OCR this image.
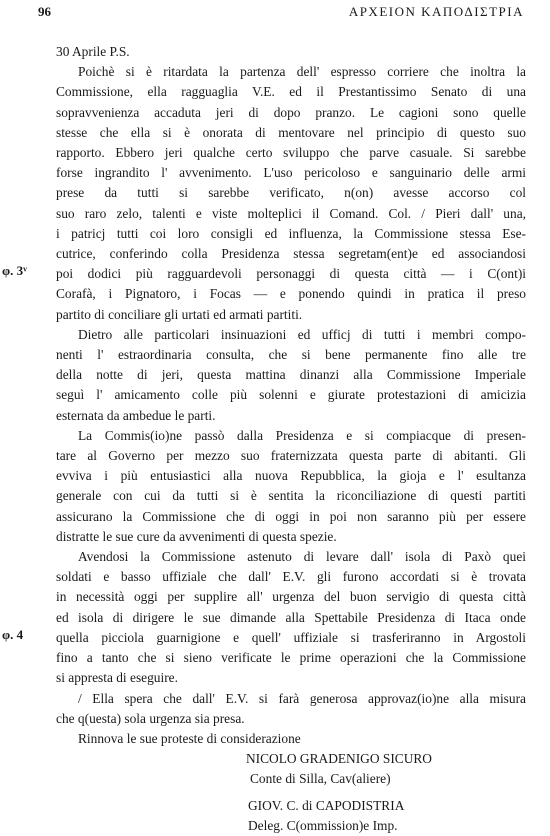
96	ΑΡΧΕΙΟΝ ΚΑΠΟΔΙΣΤΡΙΑ
φ. 3ᵛ
φ. 4

30 Aprile P.S.

Poichè si è ritardata la partenza dell' espresso corriere che inoltra la
Commissione, ella ragguaglia V.E. ed il Prestantissimo Senato di una
sopravvenienza accaduta jeri di dopo pranzo. Le cagioni sono quelle
stesse che ella si è onorata di mentovare nel principio di questo suo
rapporto. Ebbero jeri qualche certo sviluppo che parve casuale. Si sarebbe
forse ingrandito l' avvenimento. L'uso pericoloso e sanguinario delle armi
prese da tutti si sarebbe verificato, n(on) avesse accorso col
suo raro zelo, talenti e viste molteplici il Comand. Col. / Pieri dall' una,
i patricj tutti coi loro consigli ed influenza, la Commissione stessa Ese-
cutrice, conferindo colla Presidenza stessa segretam(ent)e ed associandosi
poi dodici più ragguardevoli personaggi di questa città — i C(ont)i
Corafà, i Pignatoro, i Focas — e ponendo quindi in pratica il preso
partito di conciliare gli urtati ed armati partiti.

Dietro alle particolari insinuazioni ed ufficj di tutti i membri compo-
nenti l' estraordinaria consulta, che si bene permanente fino alle tre
della notte di jeri, questa mattina dinanzi alla Commissione Imperiale
seguì l' amicamento colle più solenni e giurate protestazioni di amicizia
esternata da ambedue le parti.

La Commis(io)ne passò dalla Presidenza e si compiacque di presen-
tare al Governo per mezzo suo fraternizzata questa parte di abitanti. Gli
evviva i più entusiastici alla nuova Repubblica, la gioja e l' esultanza
generale con cui da tutti si è sentita la riconciliazione di questi partiti
assicurano la Commissione che di oggi in poi non saranno più per essere
distratte le sue cure da avvenimenti di questa spezie.

Avendosi la Commissione astenuto di levare dall' isola di Paxò quei
soldati e basso uffiziale che dall' E.V. gli furono accordati si è trovata
in necessità oggi per supplire all' urgenza del buon servigio di questa città
ed isola di dirigere le sue dimande alla Spettabile Presidenza di Itaca onde
quella picciola guarnigione e quell' uffiziale si trasferiranno in Argostoli
fino a tanto che si sieno verificate le prime operazioni che la Commissione
si appresta di eseguire.

/ Ella spera che dall' E.V. si farà generosa approvaz(io)ne alla misura
che q(uesta) sola urgenza sia presa.

Rinnova le sue proteste di considerazione

NICOLO GRADENIGO SICURO
Conte di Silla, Cav(aliere)
GIOV. C. di CAPODISTRIA
Deleg. C(ommission)e Imp.
